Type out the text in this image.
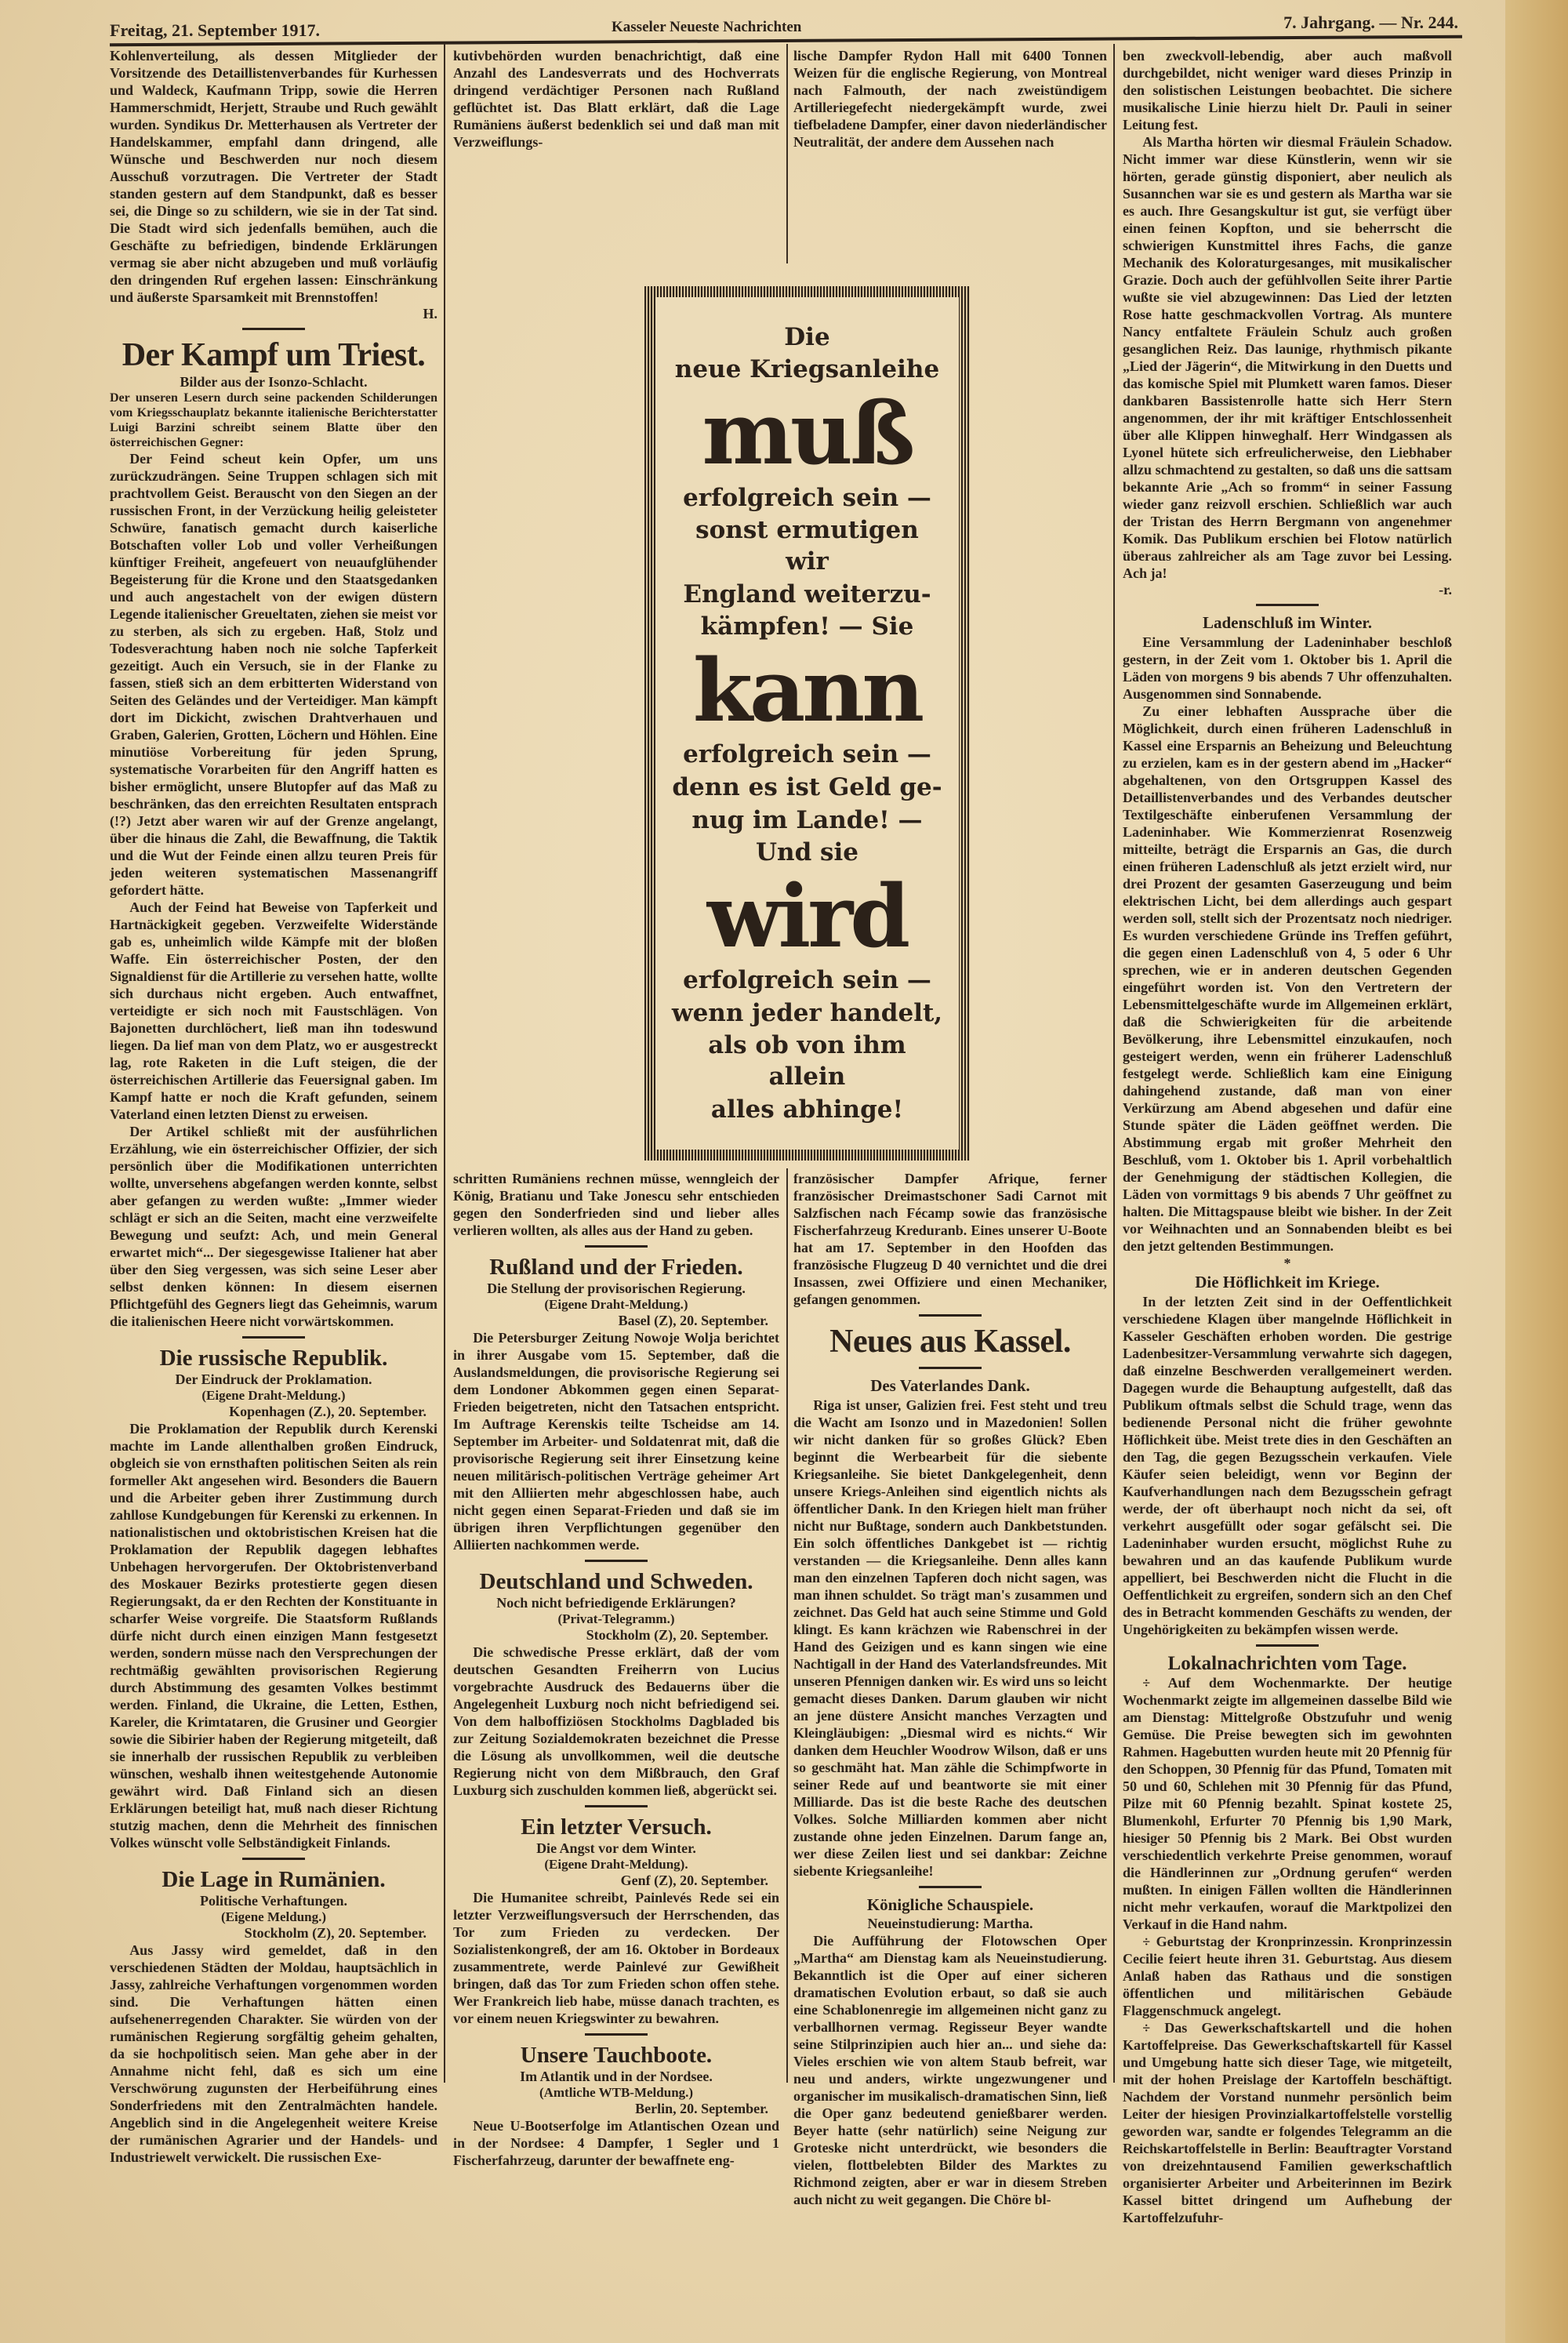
Freitag, 21. September 1917.	Kasseler Neueste Nachrichten	7. Jahrgang. — Nr. 244.

Kohlenverteilung, als dessen Mitglieder der Vorsitzende des Detaillistenverbandes für Kurhessen und Waldeck, Kaufmann Tripp, sowie die Herren Hammerschmidt, Herjett, Straube und Ruch gewählt wurden. Syndikus Dr. Metterhausen als Vertreter der Handelskammer, empfahl dann dringend, alle Wünsche und Beschwerden nur noch diesem Ausschuß vorzutragen. Die Vertreter der Stadt standen gestern auf dem Standpunkt, daß es besser sei, die Dinge so zu schildern, wie sie in der Tat sind. Die Stadt wird sich jedenfalls bemühen, auch die Geschäfte zu befriedigen, bindende Erklärungen vermag sie aber nicht abzugeben und muß vorläufig den dringenden Ruf ergehen lassen: Einschränkung und äußerste Sparsamkeit mit Brennstoffen!

H.
Der Kampf um Triest.
Bilder aus der Isonzo-Schlacht.

Der unseren Lesern durch seine packenden Schilderungen vom Kriegsschauplatz bekannte italienische Berichterstatter Luigi Barzini schreibt seinem Blatte über den österreichischen Gegner:

Der Feind scheut kein Opfer, um uns zurückzudrängen. Seine Truppen schlagen sich mit prachtvollem Geist. Berauscht von den Siegen an der russischen Front, in der Verzückung heilig geleisteter Schwüre, fanatisch gemacht durch kaiserliche Botschaften voller Lob und voller Verheißungen künftiger Freiheit, angefeuert von neuaufglühender Begeisterung für die Krone und den Staatsgedanken und auch angestachelt von der ewigen düstern Legende italienischer Greueltaten, ziehen sie meist vor zu sterben, als sich zu ergeben. Haß, Stolz und Todesverachtung haben noch nie solche Tapferkeit gezeitigt. Auch ein Versuch, sie in der Flanke zu fassen, stieß sich an dem erbitterten Widerstand von Seiten des Geländes und der Verteidiger. Man kämpft dort im Dickicht, zwischen Drahtverhauen und Graben, Galerien, Grotten, Löchern und Höhlen. Eine minutiöse Vorbereitung für jeden Sprung, systematische Vorarbeiten für den Angriff hatten es bisher ermöglicht, unsere Blutopfer auf das Maß zu beschränken, das den erreichten Resultaten entsprach (!?) Jetzt aber waren wir auf der Grenze angelangt, über die hinaus die Zahl, die Bewaffnung, die Taktik und die Wut der Feinde einen allzu teuren Preis für jeden weiteren systematischen Massenangriff gefordert hätte.

Auch der Feind hat Beweise von Tapferkeit und Hartnäckigkeit gegeben. Verzweifelte Widerstände gab es, unheimlich wilde Kämpfe mit der bloßen Waffe. Ein österreichischer Posten, der den Signaldienst für die Artillerie zu versehen hatte, wollte sich durchaus nicht ergeben. Auch entwaffnet, verteidigte er sich noch mit Faustschlägen. Von Bajonetten durchlöchert, ließ man ihn todeswund liegen. Da lief man von dem Platz, wo er ausgestreckt lag, rote Raketen in die Luft steigen, die der österreichischen Artillerie das Feuersignal gaben. Im Kampf hatte er noch die Kraft gefunden, seinem Vaterland einen letzten Dienst zu erweisen.

Der Artikel schließt mit der ausführlichen Erzählung, wie ein österreichischer Offizier, der sich persönlich über die Modifikationen unterrichten wollte, unversehens abgefangen werden konnte, selbst aber gefangen zu werden wußte: „Immer wieder schlägt er sich an die Seiten, macht eine verzweifelte Bewegung und seufzt: Ach, und mein General erwartet mich“... Der siegesgewisse Italiener hat aber über den Sieg vergessen, was sich seine Leser aber selbst denken können: In diesem eisernen Pflichtgefühl des Gegners liegt das Geheimnis, warum die italienischen Heere nicht vorwärtskommen.

Die russische Republik.
Der Eindruck der Proklamation.
(Eigene Draht-Meldung.)
Kopenhagen (Z.), 20. September.

Die Proklamation der Republik durch Kerenski machte im Lande allenthalben großen Eindruck, obgleich sie von ernsthaften politischen Seiten als rein formeller Akt angesehen wird. Besonders die Bauern und die Arbeiter geben ihrer Zustimmung durch zahllose Kundgebungen für Kerenski zu erkennen. In nationalistischen und oktobristischen Kreisen hat die Proklamation der Republik dagegen lebhaftes Unbehagen hervorgerufen. Der Oktobristenverband des Moskauer Bezirks protestierte gegen diesen Regierungsakt, da er den Rechten der Konstituante in scharfer Weise vorgreife. Die Staatsform Rußlands dürfe nicht durch einen einzigen Mann festgesetzt werden, sondern müsse nach den Versprechungen der rechtmäßig gewählten provisorischen Regierung durch Abstimmung des gesamten Volkes bestimmt werden. Finland, die Ukraine, die Letten, Esthen, Kareler, die Krimtataren, die Grusiner und Georgier sowie die Sibirier haben der Regierung mitgeteilt, daß sie innerhalb der russischen Republik zu verbleiben wünschen, weshalb ihnen weitestgehende Autonomie gewährt wird. Daß Finland sich an diesen Erklärungen beteiligt hat, muß nach dieser Richtung stutzig machen, denn die Mehrheit des finnischen Volkes wünscht volle Selbständigkeit Finlands.

Die Lage in Rumänien.
Politische Verhaftungen.
(Eigene Meldung.)
Stockholm (Z), 20. September.

Aus Jassy wird gemeldet, daß in den verschiedenen Städten der Moldau, hauptsächlich in Jassy, zahlreiche Verhaftungen vorgenommen worden sind. Die Verhaftungen hätten einen aufsehenerregenden Charakter. Sie würden von der rumänischen Regierung sorgfältig geheim gehalten, da sie hochpolitisch seien. Man gehe aber in der Annahme nicht fehl, daß es sich um eine Verschwörung zugunsten der Herbeiführung eines Sonderfriedens mit den Zentralmächten handele. Angeblich sind in die Angelegenheit weitere Kreise der rumänischen Agrarier und der Handels- und Industriewelt verwickelt. Die russischen Exe-

kutivbehörden wurden benachrichtigt, daß eine Anzahl des Landesverrats und des Hochverrats dringend verdächtiger Personen nach Rußland geflüchtet ist. Das Blatt erklärt, daß die Lage Rumäniens äußerst bedenklich sei und daß man mit Verzweiflungs-

lische Dampfer Rydon Hall mit 6400 Tonnen Weizen für die englische Regierung, von Montreal nach Falmouth, der nach zweistündigem Artilleriegefecht niedergekämpft wurde, zwei tiefbeladene Dampfer, einer davon niederländischer Neutralität, der andere dem Aussehen nach

Die
neue Kriegsanleihe
muß
erfolgreich sein —
sonst ermutigen wir
England weiterzu-
kämpfen! — Sie
kann
erfolgreich sein —
denn es ist Geld ge-
nug im Lande! —
Und sie
wird
erfolgreich sein —
wenn jeder handelt,
als ob von ihm allein
alles abhinge!

schritten Rumäniens rechnen müsse, wenngleich der König, Bratianu und Take Jonescu sehr entschieden gegen den Sonderfrieden sind und lieber alles verlieren wollten, als alles aus der Hand zu geben.

Rußland und der Frieden.
Die Stellung der provisorischen Regierung.
(Eigene Draht-Meldung.)
Basel (Z), 20. September.

Die Petersburger Zeitung Nowoje Wolja berichtet in ihrer Ausgabe vom 15. September, daß die Auslandsmeldungen, die provisorische Regierung sei dem Londoner Abkommen gegen einen Separat-Frieden beigetreten, nicht den Tatsachen entspricht. Im Auftrage Kerenskis teilte Tscheidse am 14. September im Arbeiter- und Soldatenrat mit, daß die provisorische Regierung seit ihrer Einsetzung keine neuen militärisch-politischen Verträge geheimer Art mit den Alliierten mehr abgeschlossen habe, auch nicht gegen einen Separat-Frieden und daß sie im übrigen ihren Verpflichtungen gegenüber den Alliierten nachkommen werde.

Deutschland und Schweden.
Noch nicht befriedigende Erklärungen?
(Privat-Telegramm.)
Stockholm (Z), 20. September.

Die schwedische Presse erklärt, daß der vom deutschen Gesandten Freiherrn von Lucius vorgebrachte Ausdruck des Bedauerns über die Angelegenheit Luxburg noch nicht befriedigend sei. Von dem halboffiziösen Stockholms Dagbladed bis zur Zeitung Sozialdemokraten bezeichnet die Presse die Lösung als unvollkommen, weil die deutsche Regierung nicht von dem Mißbrauch, den Graf Luxburg sich zuschulden kommen ließ, abgerückt sei.

Ein letzter Versuch.
Die Angst vor dem Winter.
(Eigene Draht-Meldung).
Genf (Z), 20. September.

Die Humanitee schreibt, Painlevés Rede sei ein letzter Verzweiflungsversuch der Herrschenden, das Tor zum Frieden zu verdecken. Der Sozialistenkongreß, der am 16. Oktober in Bordeaux zusammentrete, werde Painlevé zur Gewißheit bringen, daß das Tor zum Frieden schon offen stehe. Wer Frankreich lieb habe, müsse danach trachten, es vor einem neuen Kriegswinter zu bewahren.

Unsere Tauchboote.
Im Atlantik und in der Nordsee.
(Amtliche WTB-Meldung.)
Berlin, 20. September.

Neue U-Bootserfolge im Atlantischen Ozean und in der Nordsee: 4 Dampfer, 1 Segler und 1 Fischerfahrzeug, darunter der bewaffnete eng-

französischer Dampfer Afrique, ferner französischer Dreimastschoner Sadi Carnot mit Salzfischen nach Fécamp sowie das französische Fischerfahrzeug Kreduranb. Eines unserer U-Boote hat am 17. September in den Hoofden das französische Flugzeug D 40 vernichtet und die drei Insassen, zwei Offiziere und einen Mechaniker, gefangen genommen.

Neues aus Kassel.
Des Vaterlandes Dank.

Riga ist unser, Galizien frei. Fest steht und treu die Wacht am Isonzo und in Mazedonien! Sollen wir nicht danken für so großes Glück? Eben beginnt die Werbearbeit für die siebente Kriegsanleihe. Sie bietet Dankgelegenheit, denn unsere Kriegs-Anleihen sind eigentlich nichts als öffentlicher Dank. In den Kriegen hielt man früher nicht nur Bußtage, sondern auch Dankbetstunden. Ein solch öffentliches Dankgebet ist — richtig verstanden — die Kriegsanleihe. Denn alles kann man den einzelnen Tapferen doch nicht sagen, was man ihnen schuldet. So trägt man's zusammen und zeichnet. Das Geld hat auch seine Stimme und Gold klingt. Es kann krächzen wie Rabenschrei in der Hand des Geizigen und es kann singen wie eine Nachtigall in der Hand des Vaterlandsfreundes. Mit unseren Pfennigen danken wir. Es wird uns so leicht gemacht dieses Danken. Darum glauben wir nicht an jene düstere Ansicht manches Verzagten und Kleingläubigen: „Diesmal wird es nichts.“ Wir danken dem Heuchler Woodrow Wilson, daß er uns so geschmäht hat. Man zähle die Schimpfworte in seiner Rede auf und beantworte sie mit einer Milliarde. Das ist die beste Rache des deutschen Volkes. Solche Milliarden kommen aber nicht zustande ohne jeden Einzelnen. Darum fange an, wer diese Zeilen liest und sei dankbar: Zeichne siebente Kriegsanleihe!

Königliche Schauspiele.
Neueinstudierung: Martha.

Die Aufführung der Flotowschen Oper „Martha“ am Dienstag kam als Neueinstudierung. Bekanntlich ist die Oper auf einer sicheren dramatischen Evolution erbaut, so daß sie auch eine Schablonenregie im allgemeinen nicht ganz zu verballhornen vermag. Regisseur Beyer wandte seine Stilprinzipien auch hier an... und siehe da: Vieles erschien wie von altem Staub befreit, war neu und anders, wirkte ungezwungener und organischer im musikalisch-dramatischen Sinn, ließ die Oper ganz bedeutend genießbarer werden. Beyer hatte (sehr natürlich) seine Neigung zur Groteske nicht unterdrückt, wie besonders die vielen, flottbelebten Bilder des Marktes zu Richmond zeigten, aber er war in diesem Streben auch nicht zu weit gegangen. Die Chöre bl-

ben zweckvoll-lebendig, aber auch maßvoll durchgebildet, nicht weniger ward dieses Prinzip in den solistischen Leistungen beobachtet. Die sichere musikalische Linie hierzu hielt Dr. Pauli in seiner Leitung fest.

Als Martha hörten wir diesmal Fräulein Schadow. Nicht immer war diese Künstlerin, wenn wir sie hörten, gerade günstig disponiert, aber neulich als Susannchen war sie es und gestern als Martha war sie es auch. Ihre Gesangskultur ist gut, sie verfügt über einen feinen Kopfton, und sie beherrscht die schwierigen Kunstmittel ihres Fachs, die ganze Mechanik des Koloraturgesanges, mit musikalischer Grazie. Doch auch der gefühlvollen Seite ihrer Partie wußte sie viel abzugewinnen: Das Lied der letzten Rose hatte geschmackvollen Vortrag. Als muntere Nancy entfaltete Fräulein Schulz auch großen gesanglichen Reiz. Das launige, rhythmisch pikante „Lied der Jägerin“, die Mitwirkung in den Duetts und das komische Spiel mit Plumkett waren famos. Dieser dankbaren Bassistenrolle hatte sich Herr Stern angenommen, der ihr mit kräftiger Entschlossenheit über alle Klippen hinweghalf. Herr Windgassen als Lyonel hütete sich erfreulicherweise, den Liebhaber allzu schmachtend zu gestalten, so daß uns die sattsam bekannte Arie „Ach so fromm“ in seiner Fassung wieder ganz reizvoll erschien. Schließlich war auch der Tristan des Herrn Bergmann von angenehmer Komik. Das Publikum erschien bei Flotow natürlich überaus zahlreicher als am Tage zuvor bei Lessing. Ach ja!

-r.
Ladenschluß im Winter.

Eine Versammlung der Ladeninhaber beschloß gestern, in der Zeit vom 1. Oktober bis 1. April die Läden von morgens 9 bis abends 7 Uhr offenzuhalten. Ausgenommen sind Sonnabende.

Zu einer lebhaften Aussprache über die Möglichkeit, durch einen früheren Ladenschluß in Kassel eine Ersparnis an Beheizung und Beleuchtung zu erzielen, kam es in der gestern abend im „Hacker“ abgehaltenen, von den Ortsgruppen Kassel des Detaillistenverbandes und des Verbandes deutscher Textilgeschäfte einberufenen Versammlung der Ladeninhaber. Wie Kommerzienrat Rosenzweig mitteilte, beträgt die Ersparnis an Gas, die durch einen früheren Ladenschluß als jetzt erzielt wird, nur drei Prozent der gesamten Gaserzeugung und beim elektrischen Licht, bei dem allerdings auch gespart werden soll, stellt sich der Prozentsatz noch niedriger. Es wurden verschiedene Gründe ins Treffen geführt, die gegen einen Ladenschluß von 4, 5 oder 6 Uhr sprechen, wie er in anderen deutschen Gegenden eingeführt worden ist. Von den Vertretern der Lebensmittelgeschäfte wurde im Allgemeinen erklärt, daß die Schwierigkeiten für die arbeitende Bevölkerung, ihre Lebensmittel einzukaufen, noch gesteigert werden, wenn ein früherer Ladenschluß festgelegt werde. Schließlich kam eine Einigung dahingehend zustande, daß man von einer Verkürzung am Abend abgesehen und dafür eine Stunde später die Läden geöffnet werden. Die Abstimmung ergab mit großer Mehrheit den Beschluß, vom 1. Oktober bis 1. April vorbehaltlich der Genehmigung der städtischen Kollegien, die Läden von vormittags 9 bis abends 7 Uhr geöffnet zu halten. Die Mittagspause bleibt wie bisher. In der Zeit vor Weihnachten und an Sonnabenden bleibt es bei den jetzt geltenden Bestimmungen.

*
Die Höflichkeit im Kriege.

In der letzten Zeit sind in der Oeffentlichkeit verschiedene Klagen über mangelnde Höflichkeit in Kasseler Geschäften erhoben worden. Die gestrige Ladenbesitzer-Versammlung verwahrte sich dagegen, daß einzelne Beschwerden verallgemeinert werden. Dagegen wurde die Behauptung aufgestellt, daß das Publikum oftmals selbst die Schuld trage, wenn das bedienende Personal nicht die früher gewohnte Höflichkeit übe. Meist trete dies in den Geschäften an den Tag, die gegen Bezugsschein verkaufen. Viele Käufer seien beleidigt, wenn vor Beginn der Kaufverhandlungen nach dem Bezugsschein gefragt werde, der oft überhaupt noch nicht da sei, oft verkehrt ausgefüllt oder sogar gefälscht sei. Die Ladeninhaber wurden ersucht, möglichst Ruhe zu bewahren und an das kaufende Publikum wurde appelliert, bei Beschwerden nicht die Flucht in die Oeffentlichkeit zu ergreifen, sondern sich an den Chef des in Betracht kommenden Geschäfts zu wenden, der Ungehörigkeiten zu bekämpfen wissen werde.

Lokalnachrichten vom Tage.

÷ Auf dem Wochenmarkte. Der heutige Wochenmarkt zeigte im allgemeinen dasselbe Bild wie am Dienstag: Mittelgroße Obstzufuhr und wenig Gemüse. Die Preise bewegten sich im gewohnten Rahmen. Hagebutten wurden heute mit 20 Pfennig für den Schoppen, 30 Pfennig für das Pfund, Tomaten mit 50 und 60, Schlehen mit 30 Pfennig für das Pfund, Pilze mit 60 Pfennig bezahlt. Spinat kostete 25, Blumenkohl, Erfurter 70 Pfennig bis 1,90 Mark, hiesiger 50 Pfennig bis 2 Mark. Bei Obst wurden verschiedentlich verkehrte Preise genommen, worauf die Händlerinnen zur „Ordnung gerufen“ werden mußten. In einigen Fällen wollten die Händlerinnen nicht mehr verkaufen, worauf die Marktpolizei den Verkauf in die Hand nahm.

÷ Geburtstag der Kronprinzessin. Kronprinzessin Cecilie feiert heute ihren 31. Geburtstag. Aus diesem Anlaß haben das Rathaus und die sonstigen öffentlichen und militärischen Gebäude Flaggenschmuck angelegt.

÷ Das Gewerkschaftskartell und die hohen Kartoffelpreise. Das Gewerkschaftskartell für Kassel und Umgebung hatte sich dieser Tage, wie mitgeteilt, mit der hohen Preislage der Kartoffeln beschäftigt. Nachdem der Vorstand nunmehr persönlich beim Leiter der hiesigen Provinzialkartoffelstelle vorstellig geworden war, sandte er folgendes Telegramm an die Reichskartoffelstelle in Berlin: Beauftragter Vorstand von dreizehntausend Familien gewerkschaftlich organisierter Arbeiter und Arbeiterinnen im Bezirk Kassel bittet dringend um Aufhebung der Kartoffelzufuhr-
